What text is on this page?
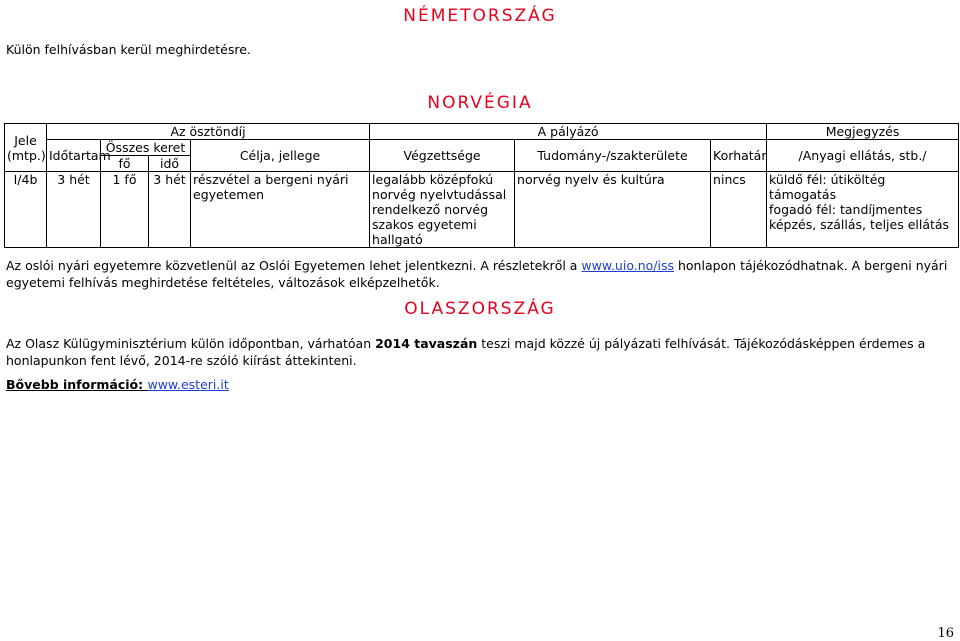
NÉMETORSZÁG

Külön felhívásban kerül meghirdetésre.

NORVÉGIA
Jele
(mtp.)	Az ösztöndíj				A pályázó			Megjegyzés
	Időtartam	Összes keret		Célja, jellege	Végzettsége	Tudomány-/szakterülete	Korhatár	/Anyagi ellátás, stb./
		fő	idő					
I/4b	3 hét	1 fő	3 hét	részvétel a bergeni nyári egyetemen	legalább középfokú norvég nyelvtudással rendelkező norvég szakos egyetemi hallgató	norvég nyelv és kultúra	nincs	küldő fél: útiköltég támogatás
fogadó fél: tandíjmentes képzés, szállás, teljes ellátás

Az oslói nyári egyetemre közvetlenül az Oslói Egyetemen lehet jelentkezni. A részletekről a www.uio.no/iss honlapon tájékozódhatnak. A bergeni nyári egyetemi felhívás meghirdetése feltételes, változások elképzelhetők.

OLASZORSZÁG

Az Olasz Külügyminisztérium külön időpontban, várhatóan 2014 tavaszán teszi majd közzé új pályázati felhívását. Tájékozódásképpen érdemes a honlapunkon fent lévő, 2014-re szóló kiírást áttekinteni.

Bővebb információ: www.esteri.it

16
